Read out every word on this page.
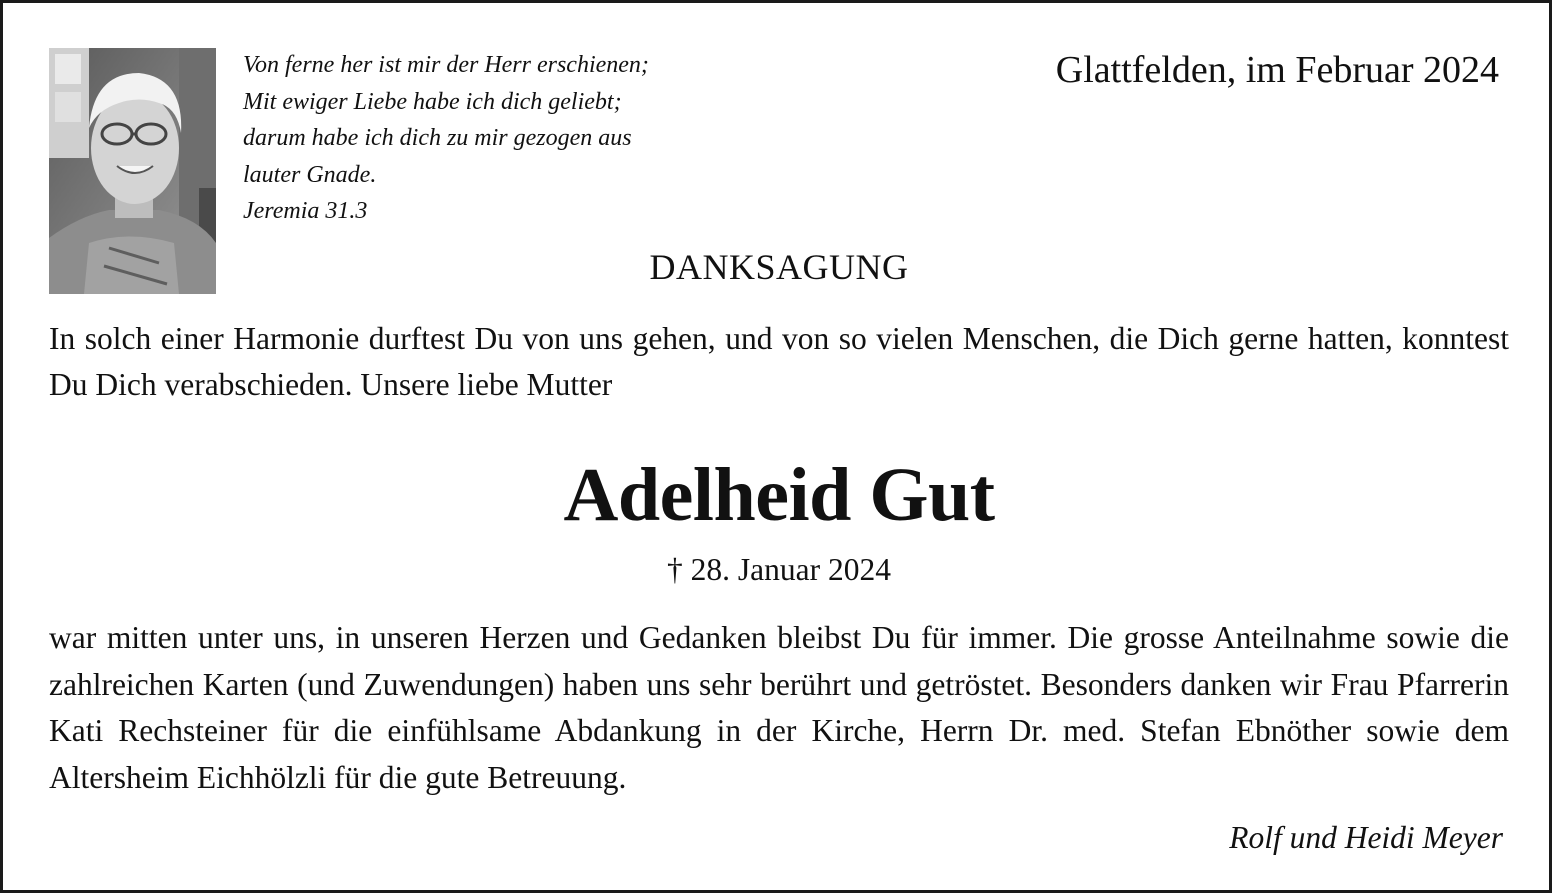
Von ferne her ist mir der Herr erschienen;
Mit ewiger Liebe habe ich dich geliebt;
darum habe ich dich zu mir gezogen aus
lauter Gnade.
Jeremia 31.3
Glattfelden, im Februar 2024
DANKSAGUNG

In solch einer Harmonie durftest Du von uns gehen, und von so vielen Menschen, die Dich gerne hatten, konntest Du Dich verabschieden. Unsere liebe Mutter

Adelheid Gut
† 28. Januar 2024

war mitten unter uns, in unseren Herzen und Gedanken bleibst Du für immer. Die grosse Anteilnahme sowie die zahlreichen Karten (und Zuwendungen) haben uns sehr berührt und getröstet. Besonders danken wir Frau Pfarrerin Kati Rechsteiner für die einfühlsame Abdankung in der Kirche, Herrn Dr. med. Stefan Ebnöther sowie dem Altersheim Eichhölzli für die gute Betreuung.

Rolf und Heidi Meyer
